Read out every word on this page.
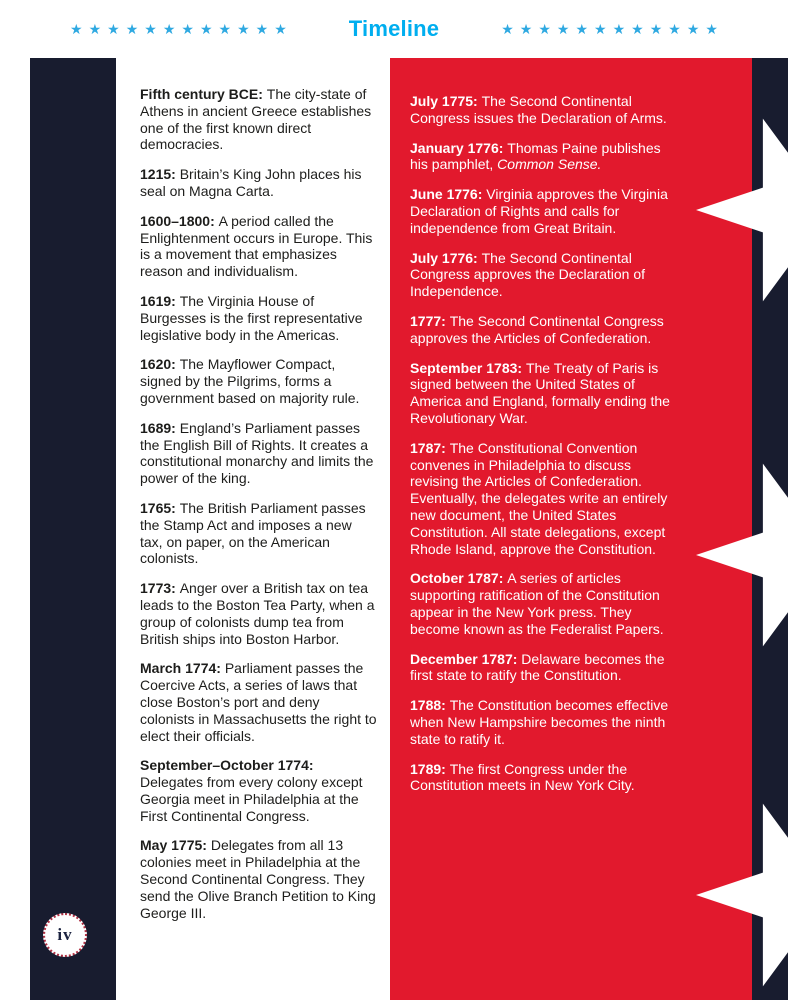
★ ★ ★ ★ ★ ★ ★ ★ ★ ★ ★ ★	Timeline	★ ★ ★ ★ ★ ★ ★ ★ ★ ★ ★ ★

Fifth century BCE: The city-state of Athens in ancient Greece establishes one of the first known direct democracies.

1215: Britain’s King John places his seal on Magna Carta.

1600–1800: A period called the Enlightenment occurs in Europe. This is a movement that emphasizes reason and individualism.

1619: The Virginia House of Burgesses is the first representative legislative body in the Americas.

1620: The Mayflower Compact, signed by the Pilgrims, forms a government based on majority rule.

1689: England’s Parliament passes the English Bill of Rights. It creates a constitutional monarchy and limits the power of the king.

1765: The British Parliament passes the Stamp Act and imposes a new tax, on paper, on the American colonists.

1773: Anger over a British tax on tea leads to the Boston Tea Party, when a group of colonists dump tea from British ships into Boston Harbor.

March 1774: Parliament passes the Coercive Acts, a series of laws that close Boston’s port and deny colonists in Massachusetts the right to elect their officials.

September–October 1774: Delegates from every colony except Georgia meet in Philadelphia at the First Continental Congress.

May 1775: Delegates from all 13 colonies meet in Philadelphia at the Second Continental Congress. They send the Olive Branch Petition to King George III.

July 1775: The Second Continental Congress issues the Declaration of Arms.

January 1776: Thomas Paine publishes his pamphlet, Common Sense.

June 1776: Virginia approves the Virginia Declaration of Rights and calls for independence from Great Britain.

July 1776: The Second Continental Congress approves the Declaration of Independence.

1777: The Second Continental Congress approves the Articles of Confederation.

September 1783: The Treaty of Paris is signed between the United States of America and England, formally ending the Revolutionary War.

1787: The Constitutional Convention convenes in Philadelphia to discuss revising the Articles of Confederation. Eventually, the delegates write an entirely new document, the United States Constitution. All state delegations, except Rhode Island, approve the Constitution.

October 1787: A series of articles supporting ratification of the Constitution appear in the New York press. They become known as the Federalist Papers.

December 1787: Delaware becomes the first state to ratify the Constitution.

1788: The Constitution becomes effective when New Hampshire becomes the ninth state to ratify it.

1789: The first Congress under the Constitution meets in New York City.

iv
